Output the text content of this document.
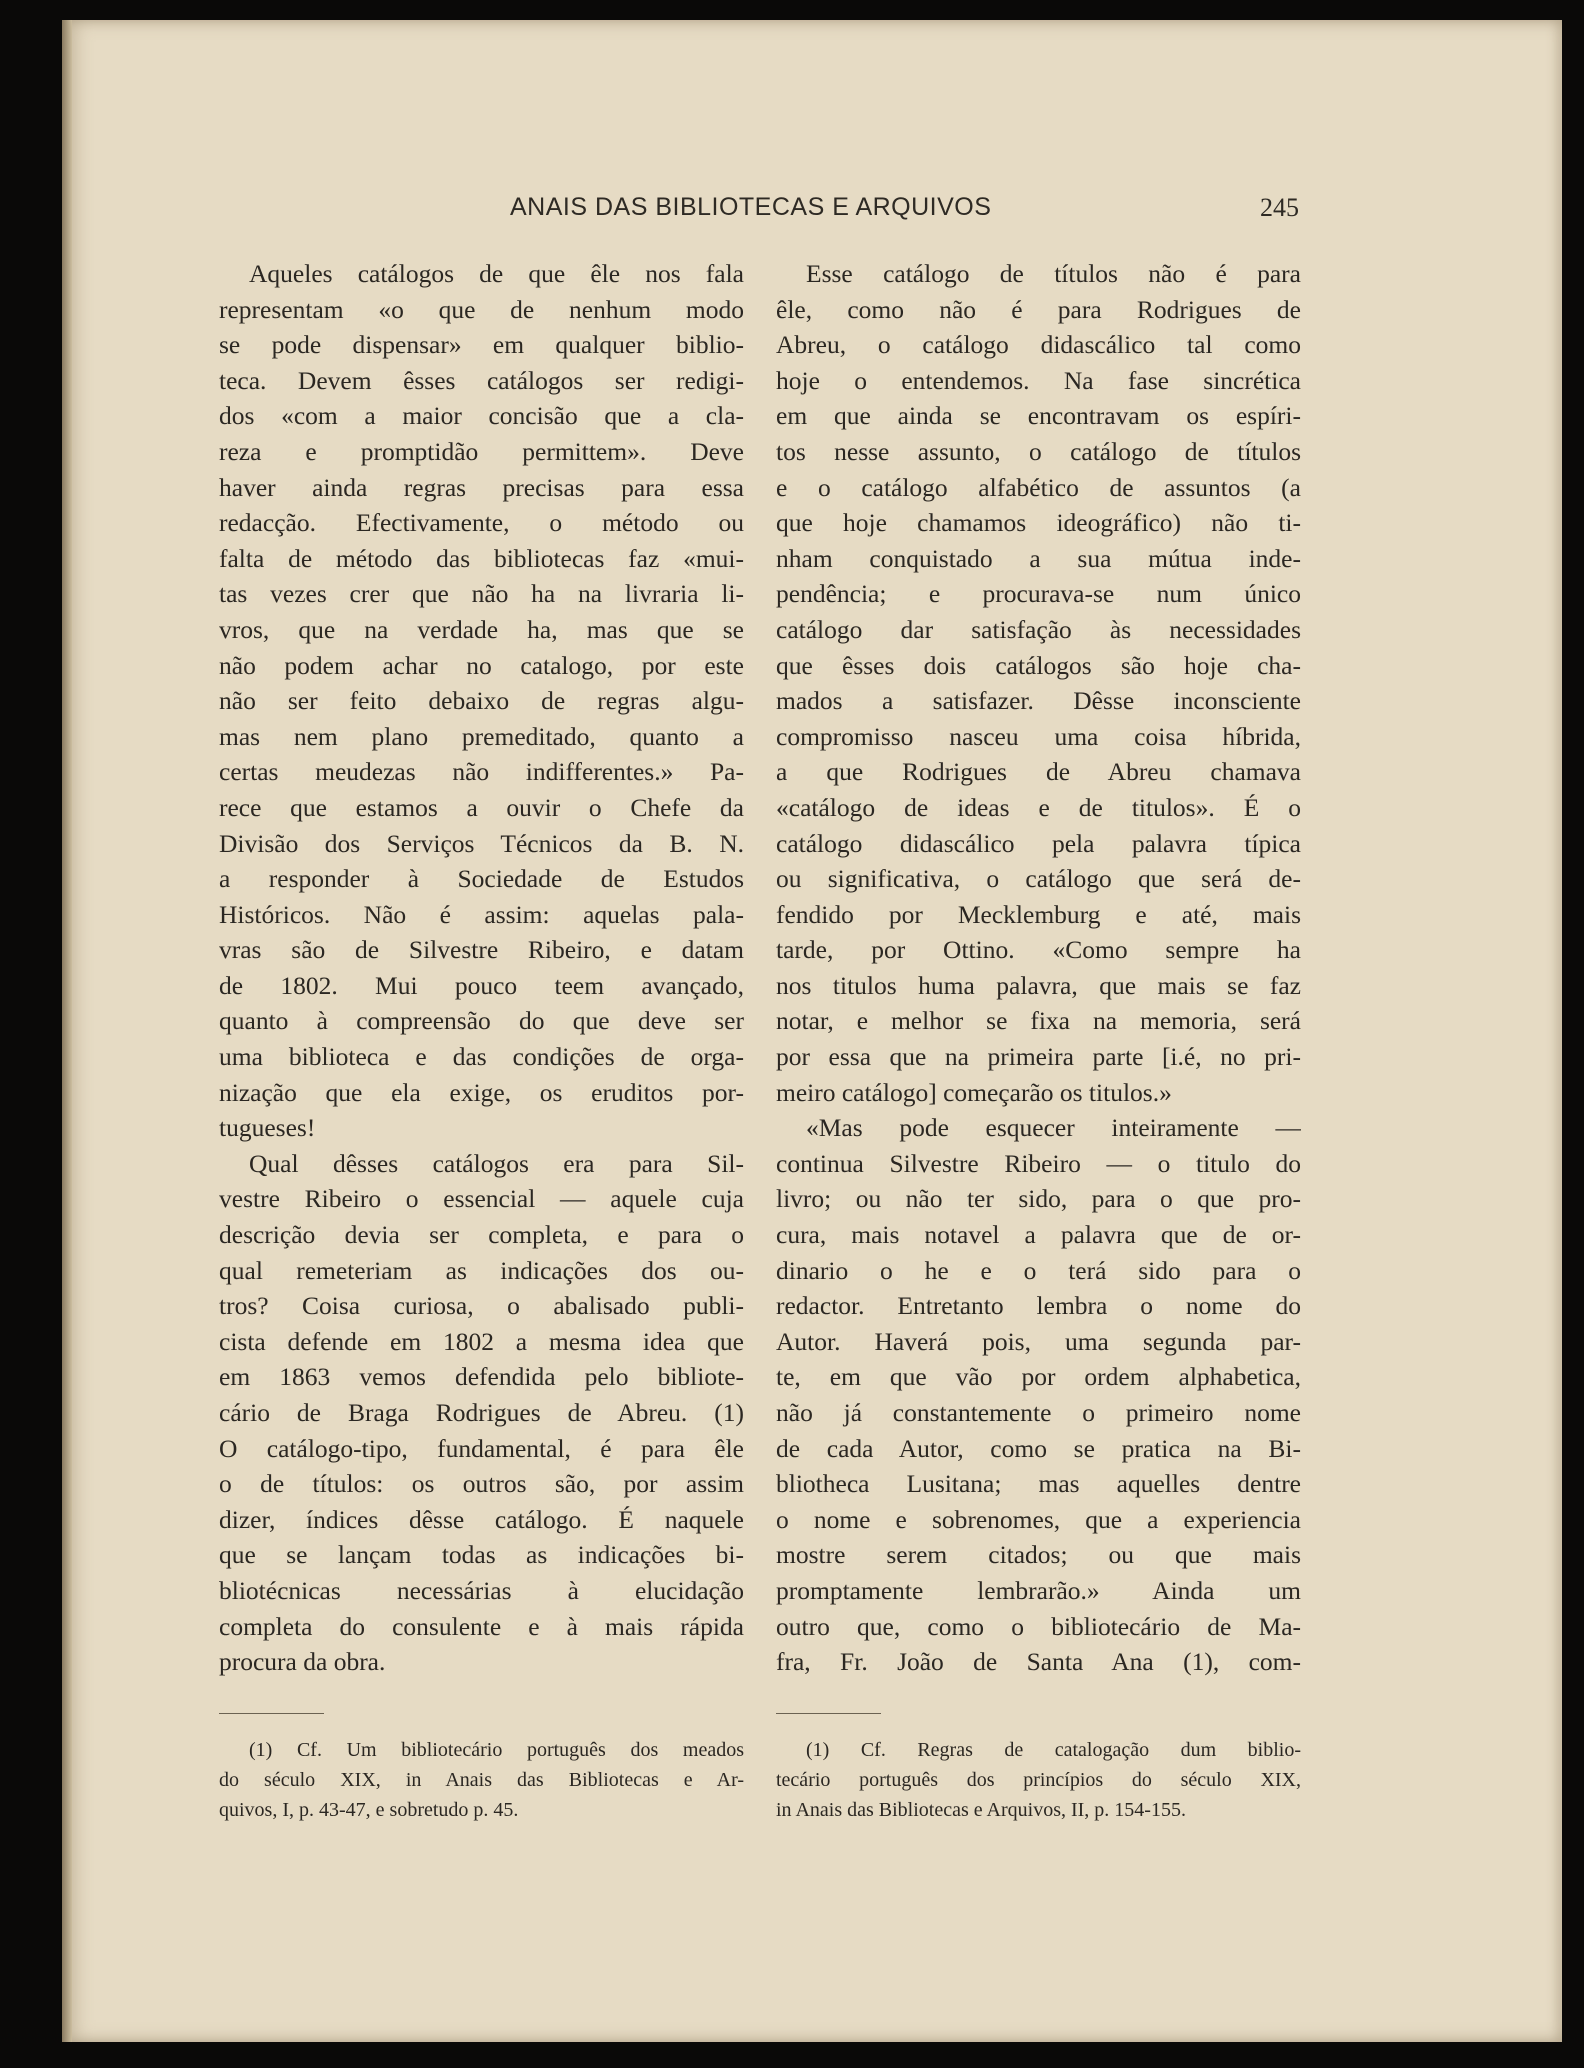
ANAIS DAS BIBLIOTECAS E ARQUIVOS	245
Aqueles catálogos de que êle nos fala
representam «o que de nenhum modo
se pode dispensar» em qualquer biblio-
teca. Devem êsses catálogos ser redigi-
dos «com a maior concisão que a cla-
reza e promptidão permittem». Deve
haver ainda regras precisas para essa
redacção. Efectivamente, o método ou
falta de método das bibliotecas faz «mui-
tas vezes crer que não ha na livraria li-
vros, que na verdade ha, mas que se
não podem achar no catalogo, por este
não ser feito debaixo de regras algu-
mas nem plano premeditado, quanto a
certas meudezas não indifferentes.» Pa-
rece que estamos a ouvir o Chefe da
Divisão dos Serviços Técnicos da B. N.
a responder à Sociedade de Estudos
Históricos. Não é assim: aquelas pala-
vras são de Silvestre Ribeiro, e datam
de 1802. Mui pouco teem avançado,
quanto à compreensão do que deve ser
uma biblioteca e das condições de orga-
nização que ela exige, os eruditos por-
tugueses!
Qual dêsses catálogos era para Sil-
vestre Ribeiro o essencial — aquele cuja
descrição devia ser completa, e para o
qual remeteriam as indicações dos ou-
tros? Coisa curiosa, o abalisado publi-
cista defende em 1802 a mesma idea que
em 1863 vemos defendida pelo bibliote-
cário de Braga Rodrigues de Abreu. (1)
O catálogo-tipo, fundamental, é para êle
o de títulos: os outros são, por assim
dizer, índices dêsse catálogo. É naquele
que se lançam todas as indicações bi-
bliotécnicas necessárias à elucidação
completa do consulente e à mais rápida
procura da obra.
Esse catálogo de títulos não é para
êle, como não é para Rodrigues de
Abreu, o catálogo didascálico tal como
hoje o entendemos. Na fase sincrética
em que ainda se encontravam os espíri-
tos nesse assunto, o catálogo de títulos
e o catálogo alfabético de assuntos (a
que hoje chamamos ideográfico) não ti-
nham conquistado a sua mútua inde-
pendência; e procurava-se num único
catálogo dar satisfação às necessidades
que êsses dois catálogos são hoje cha-
mados a satisfazer. Dêsse inconsciente
compromisso nasceu uma coisa híbrida,
a que Rodrigues de Abreu chamava
«catálogo de ideas e de titulos». É o
catálogo didascálico pela palavra típica
ou significativa, o catálogo que será de-
fendido por Mecklemburg e até, mais
tarde, por Ottino. «Como sempre ha
nos titulos huma palavra, que mais se faz
notar, e melhor se fixa na memoria, será
por essa que na primeira parte [i.é, no pri-
meiro catálogo] começarão os titulos.»
«Mas pode esquecer inteiramente —
continua Silvestre Ribeiro — o titulo do
livro; ou não ter sido, para o que pro-
cura, mais notavel a palavra que de or-
dinario o he e o terá sido para o
redactor. Entretanto lembra o nome do
Autor. Haverá pois, uma segunda par-
te, em que vão por ordem alphabetica,
não já constantemente o primeiro nome
de cada Autor, como se pratica na Bi-
bliotheca Lusitana; mas aquelles dentre
o nome e sobrenomes, que a experiencia
mostre serem citados; ou que mais
promptamente lembrarão.» Ainda um
outro que, como o bibliotecário de Ma-
fra, Fr. João de Santa Ana (1), com-
(1) Cf. Um bibliotecário português dos meados
do século XIX, in Anais das Bibliotecas e Ar-
quivos, I, p. 43-47, e sobretudo p. 45.
(1) Cf. Regras de catalogação dum biblio-
tecário português dos princípios do século XIX,
in Anais das Bibliotecas e Arquivos, II, p. 154-155.
